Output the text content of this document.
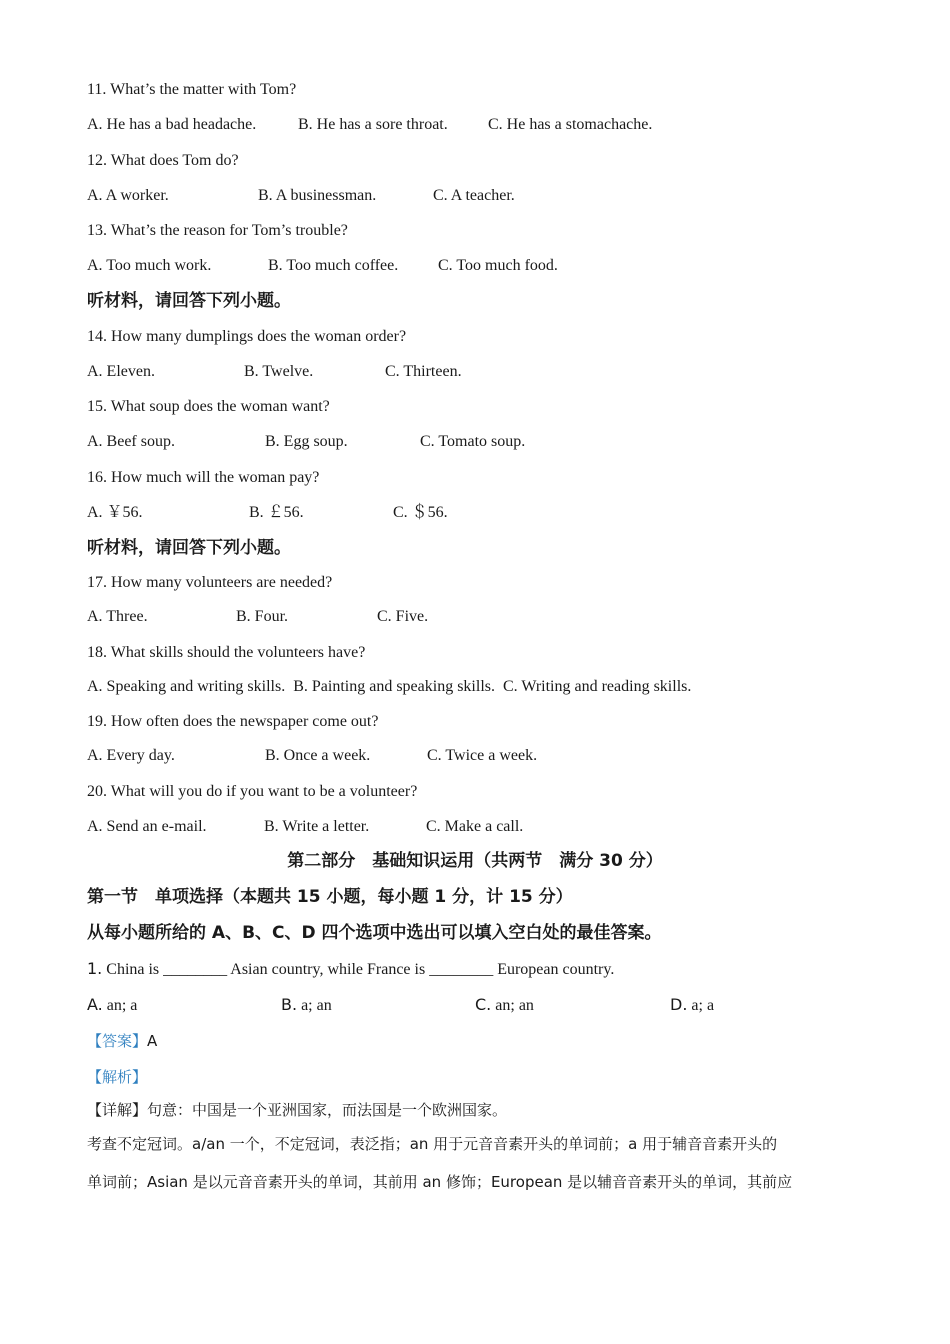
11. What’s the matter with Tom?
A. He has a bad headache.	B. He has a sore throat.	C. He has a stomachache.
12. What does Tom do?
A. A worker.	B. A businessman.	C. A teacher.
13. What’s the reason for Tom’s trouble?
A. Too much work.	B. Too much coffee. C. Too much food.
听材料，请回答下列小题。
14. How many dumplings does the woman order?
A. Eleven.	B. Twelve.	C. Thirteen.
15. What soup does the woman want?
A. Beef soup.	B. Egg soup.	C. Tomato soup.
16. How much will the woman pay?
A. ￥56.	B. ￡56.	C. ＄56.
听材料，请回答下列小题。
17. How many volunteers are needed?
A. Three.	B. Four.	C. Five.
18. What skills should the volunteers have?
A. Speaking and writing skills.  B. Painting and speaking skills.  C. Writing and reading skills.
19. How often does the newspaper come out?
A. Every day.	B. Once a week.	C. Twice a week.
20. What will you do if you want to be a volunteer?
A. Send an e-mail.	B. Write a letter.	C. Make a call.
第二部分　基础知识运用（共两节　满分 30 分）
第一节　单项选择（本题共 15 小题，每小题 1 分，计 15 分）
从每小题所给的 A、B、C、D 四个选项中选出可以填入空白处的最佳答案。
1. China is ________ Asian country, while France is ________ European country.
A. an; a	B. a; an	C. an; an	D. a; a
【答案】A
【解析】
【详解】句意：中国是一个亚洲国家，而法国是一个欧洲国家。
考查不定冠词。a/an 一个，不定冠词，表泛指；an 用于元音音素开头的单词前；a 用于辅音音素开头的
单词前；Asian 是以元音音素开头的单词，其前用 an 修饰；European 是以辅音音素开头的单词，其前应
